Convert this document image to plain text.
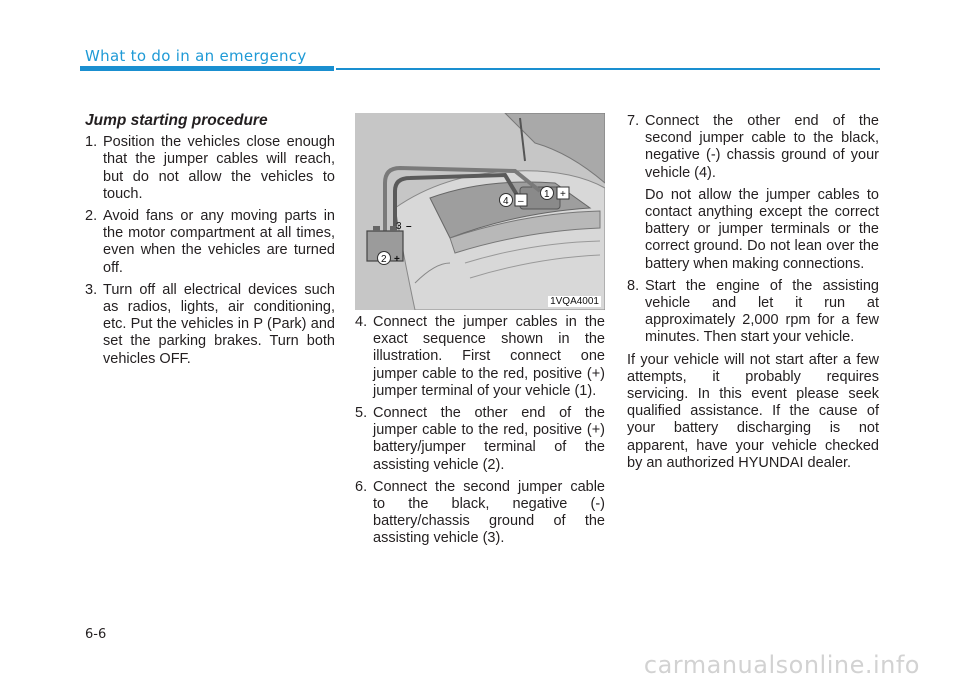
What to do in an emergency
Jump starting procedure
1. Position the vehicles close enough that the jumper cables will reach, but do not allow the vehicles to touch.
2. Avoid fans or any moving parts in the motor compartment at all times, even when the vehicles are turned off.
3. Turn off all electrical devices such as radios, lights, air conditioning, etc. Put the vehicles in P (Park) and set the parking brakes. Turn both vehicles OFF.
1 +
2 +
3 –
4 –
1VQA4001
4. Connect the jumper cables in the exact sequence shown in the illustration. First connect one jumper cable to the red, positive (+) jumper terminal of your vehicle (1).
5. Connect the other end of the jumper cable to the red, positive (+) battery/jumper terminal of the assisting vehicle (2).
6. Connect the second jumper cable to the black, negative (-) battery/chassis ground of the assisting vehicle (3).
7. Connect the other end of the second jumper cable to the black, negative (-) chassis ground of your vehicle (4).
Do not allow the jumper cables to contact anything except the correct battery or jumper terminals or the correct ground. Do not lean over the battery when making connections.
8. Start the engine of the assisting vehicle and let it run at approximately 2,000 rpm for a few minutes. Then start your vehicle.
If your vehicle will not start after a few attempts, it probably requires servicing. In this event please seek qualified assistance. If the cause of your battery discharging is not apparent, have your vehicle checked by an authorized HYUNDAI dealer.
6-6
carmanualsonline.info
